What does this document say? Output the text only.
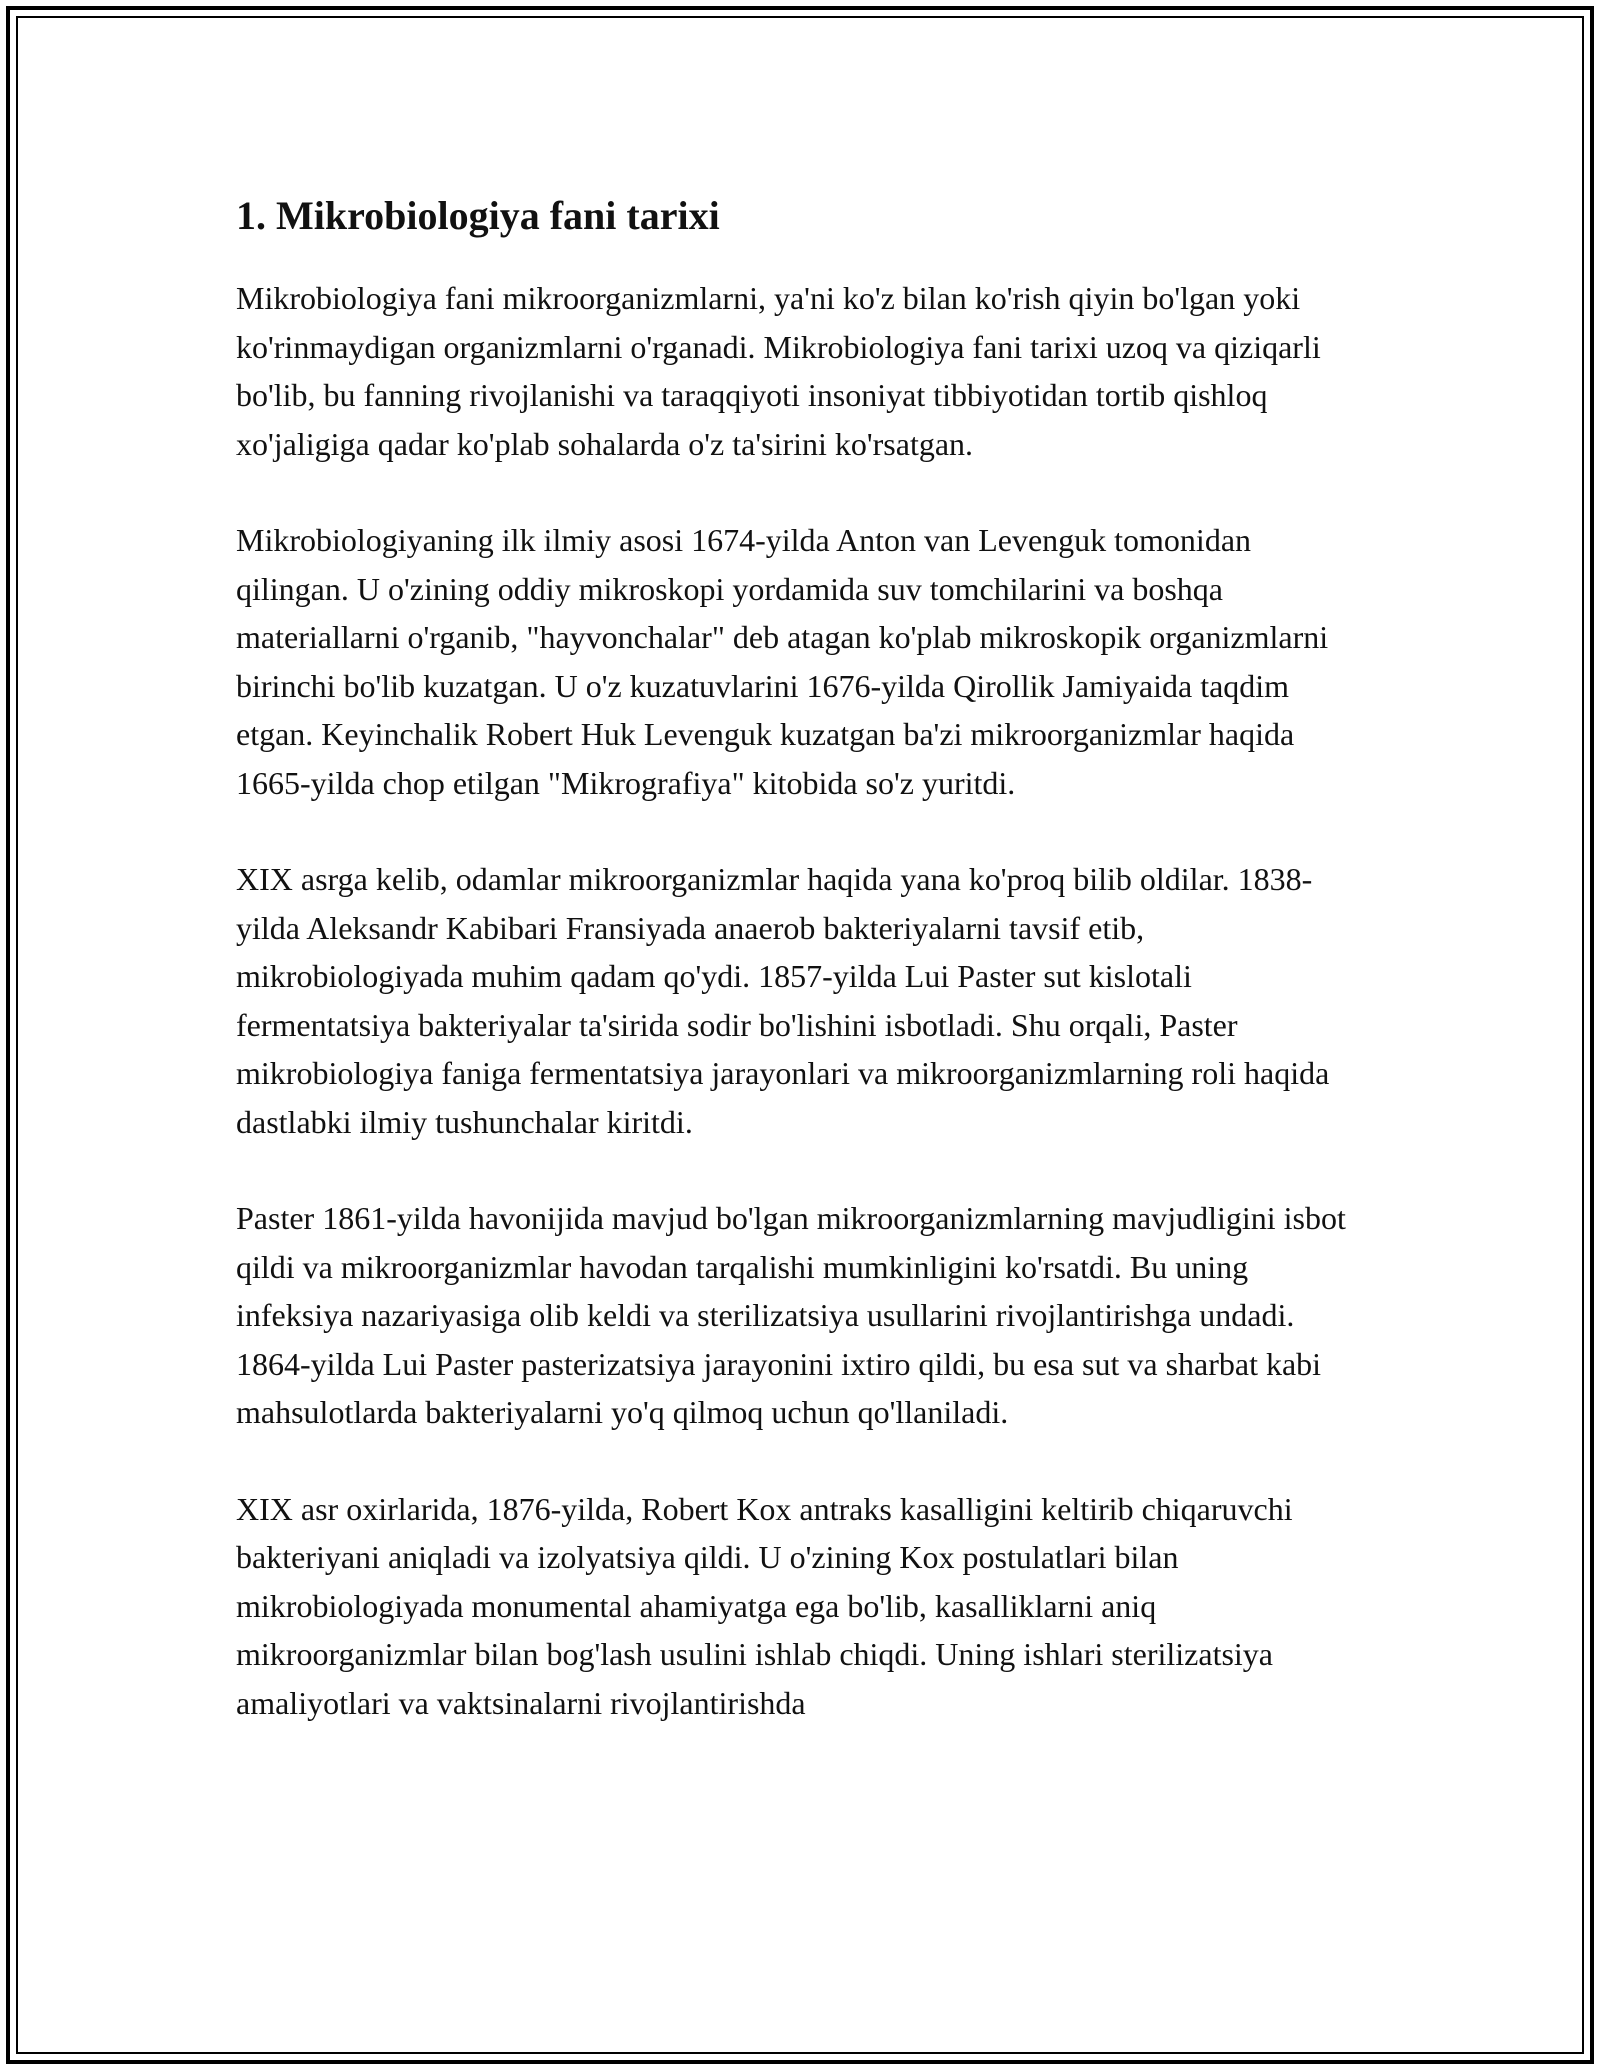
1. Mikrobiologiya fani tarixi

Mikrobiologiya fani mikroorganizmlarni, ya'ni ko'z bilan ko'rish qiyin bo'lgan yoki ko'rinmaydigan organizmlarni o'rganadi. Mikrobiologiya fani tarixi uzoq va qiziqarli bo'lib, bu fanning rivojlanishi va taraqqiyoti insoniyat tibbiyotidan tortib qishloq xo'jaligiga qadar ko'plab sohalarda o'z ta'sirini ko'rsatgan.

Mikrobiologiyaning ilk ilmiy asosi 1674-yilda Anton van Levenguk tomonidan qilingan. U o'zining oddiy mikroskopi yordamida suv tomchilarini va boshqa materiallarni o'rganib, "hayvonchalar" deb atagan ko'plab mikroskopik organizmlarni birinchi bo'lib kuzatgan. U o'z kuzatuvlarini 1676-yilda Qirollik Jamiyaida taqdim etgan. Keyinchalik Robert Huk Levenguk kuzatgan ba'zi mikroorganizmlar haqida 1665-yilda chop etilgan "Mikrografiya" kitobida so'z yuritdi.

XIX asrga kelib, odamlar mikroorganizmlar haqida yana ko'proq bilib oldilar. 1838-yilda Aleksandr Kabibari Fransiyada anaerob bakteriyalarni tavsif etib, mikrobiologiyada muhim qadam qo'ydi. 1857-yilda Lui Paster sut kislotali fermentatsiya bakteriyalar ta'sirida sodir bo'lishini isbotladi. Shu orqali, Paster mikrobiologiya faniga fermentatsiya jarayonlari va mikroorganizmlarning roli haqida dastlabki ilmiy tushunchalar kiritdi.

Paster 1861-yilda havonijida mavjud bo'lgan mikroorganizmlarning mavjudligini isbot qildi va mikroorganizmlar havodan tarqalishi mumkinligini ko'rsatdi. Bu uning infeksiya nazariyasiga olib keldi va sterilizatsiya usullarini rivojlantirishga undadi. 1864-yilda Lui Paster pasterizatsiya jarayonini ixtiro qildi, bu esa sut va sharbat kabi mahsulotlarda bakteriyalarni yo'q qilmoq uchun qo'llaniladi.

XIX asr oxirlarida, 1876-yilda, Robert Kox antraks kasalligini keltirib chiqaruvchi bakteriyani aniqladi va izolyatsiya qildi. U o'zining Kox postulatlari bilan mikrobiologiyada monumental ahamiyatga ega bo'lib, kasalliklarni aniq mikroorganizmlar bilan bog'lash usulini ishlab chiqdi. Uning ishlari sterilizatsiya amaliyotlari va vaktsinalarni rivojlantirishda
